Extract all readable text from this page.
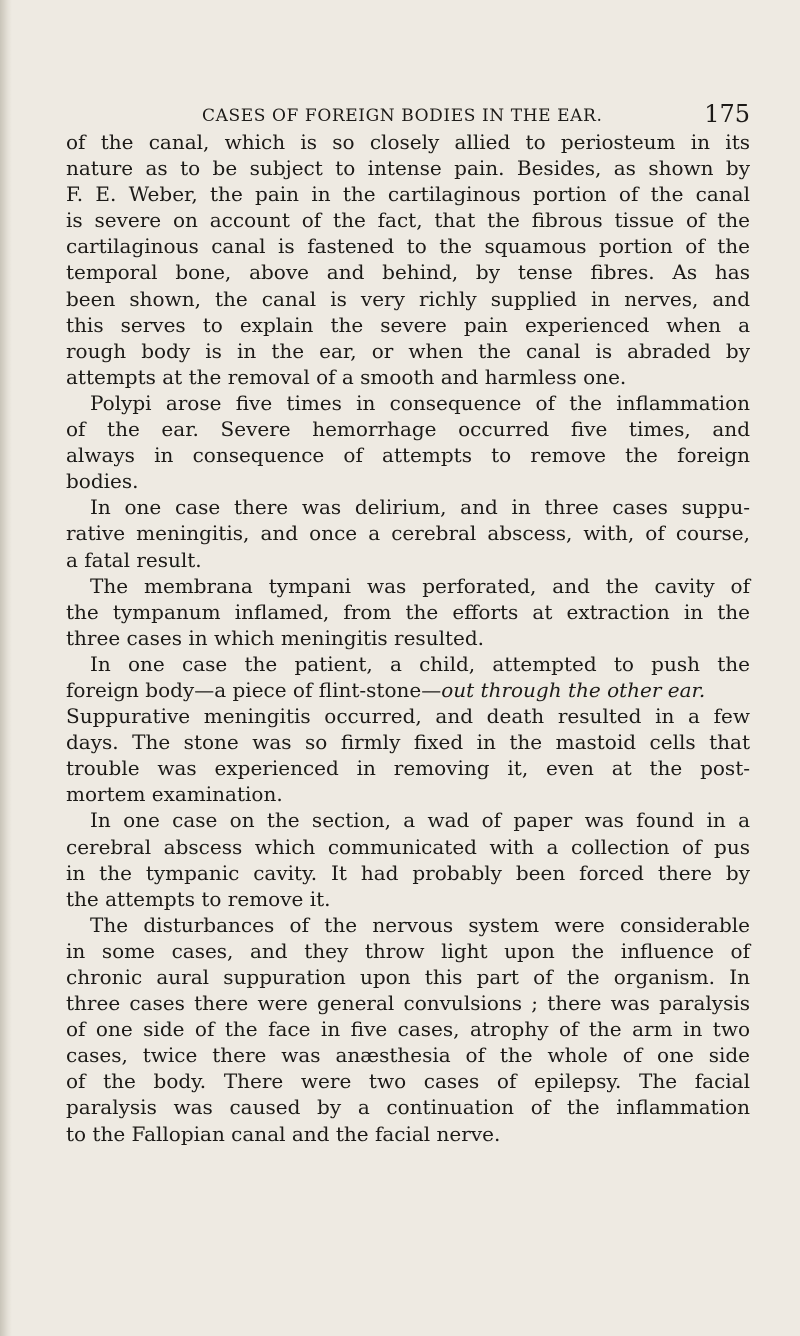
CASES OF FOREIGN BODIES IN THE EAR.	175
of the canal, which is so closely allied to periosteum in its
nature as to be subject to intense pain. Besides, as shown by
F. E. Weber, the pain in the cartilaginous portion of the canal
is severe on account of the fact, that the fibrous tissue of the
cartilaginous canal is fastened to the squamous portion of the
temporal bone, above and behind, by tense fibres. As has
been shown, the canal is very richly supplied in nerves, and
this serves to explain the severe pain experienced when a
rough body is in the ear, or when the canal is abraded by
attempts at the removal of a smooth and harmless one.
Polypi arose five times in consequence of the inflammation
of the ear. Severe hemorrhage occurred five times, and
always in consequence of attempts to remove the foreign
bodies.
In one case there was delirium, and in three cases suppu-
rative meningitis, and once a cerebral abscess, with, of course,
a fatal result.
The membrana tympani was perforated, and the cavity of
the tympanum inflamed, from the efforts at extraction in the
three cases in which meningitis resulted.
In one case the patient, a child, attempted to push the
foreign body—a piece of flint-stone—out through the other ear.
Suppurative meningitis occurred, and death resulted in a few
days. The stone was so firmly fixed in the mastoid cells that
trouble was experienced in removing it, even at the post-
mortem examination.
In one case on the section, a wad of paper was found in a
cerebral abscess which communicated with a collection of pus
in the tympanic cavity. It had probably been forced there by
the attempts to remove it.
The disturbances of the nervous system were considerable
in some cases, and they throw light upon the influence of
chronic aural suppuration upon this part of the organism. In
three cases there were general convulsions ; there was paralysis
of one side of the face in five cases, atrophy of the arm in two
cases, twice there was anæsthesia of the whole of one side
of the body. There were two cases of epilepsy. The facial
paralysis was caused by a continuation of the inflammation
to the Fallopian canal and the facial nerve.
